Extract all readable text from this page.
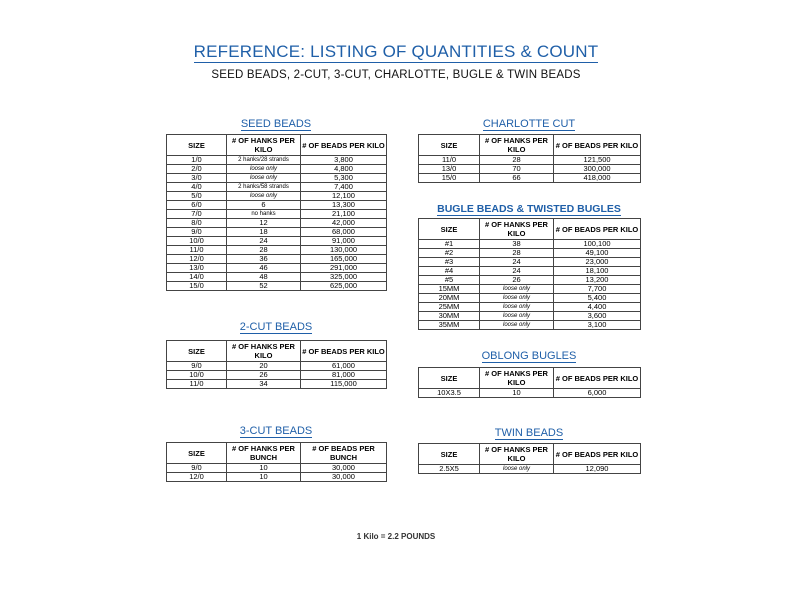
REFERENCE: LISTING OF QUANTITIES & COUNT
SEED BEADS, 2-CUT, 3-CUT, CHARLOTTE, BUGLE & TWIN BEADS
SEED BEADS
SIZE	# OF HANKS PER KILO	# OF BEADS PER KILO
1/0	2 hanks/28 strands	3,800
2/0	loose only	4,800
3/0	loose only	5,300
4/0	2 hanks/58 strands	7,400
5/0	loose only	12,100
6/0	6	13,300
7/0	no hanks	21,100
8/0	12	42,000
9/0	18	68,000
10/0	24	91,000
11/0	28	130,000
12/0	36	165,000
13/0	46	291,000
14/0	48	325,000
15/0	52	625,000
2-CUT BEADS
SIZE	# OF HANKS PER KILO	# OF BEADS PER KILO
9/0	20	61,000
10/0	26	81,000
11/0	34	115,000
3-CUT BEADS
SIZE	# OF HANKS PER BUNCH	# OF BEADS PER BUNCH
9/0	10	30,000
12/0	10	30,000
CHARLOTTE CUT
SIZE	# OF HANKS PER KILO	# OF BEADS PER KILO
11/0	28	121,500
13/0	70	300,000
15/0	66	418,000
BUGLE BEADS & TWISTED BUGLES
SIZE	# OF HANKS PER KILO	# OF BEADS PER KILO
#1	38	100,100
#2	28	49,100
#3	24	23,000
#4	24	18,100
#5	26	13,200
15MM	loose only	7,700
20MM	loose only	5,400
25MM	loose only	4,400
30MM	loose only	3,600
35MM	loose only	3,100
OBLONG BUGLES
SIZE	# OF HANKS PER KILO	# OF BEADS PER KILO
10X3.5	10	6,000
TWIN BEADS
SIZE	# OF HANKS PER KILO	# OF BEADS PER KILO
2.5X5	loose only	12,090
1 Kilo = 2.2 POUNDS
